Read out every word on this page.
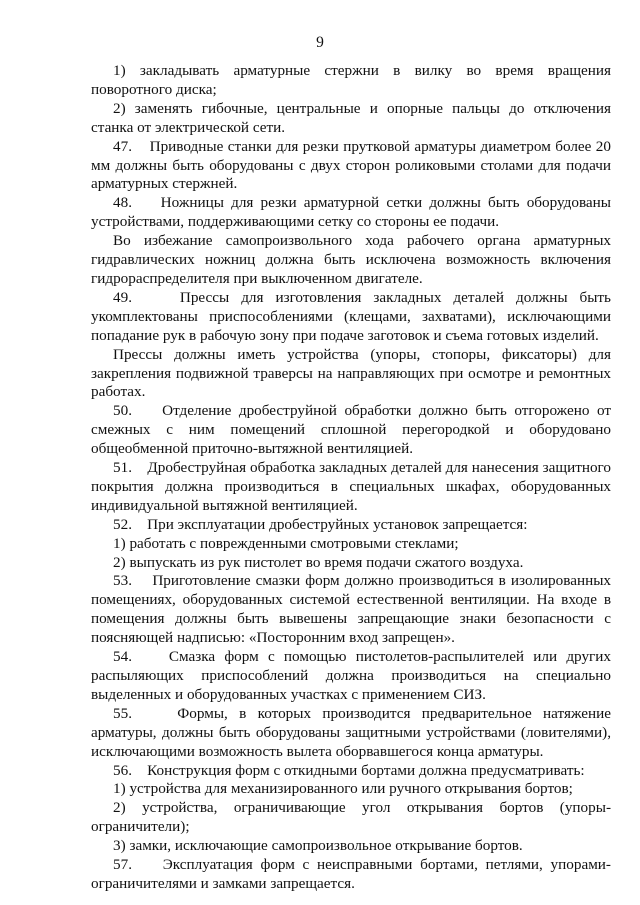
9

1) закладывать арматурные стержни в вилку во время вращения поворотного диска;

2) заменять гибочные, центральные и опорные пальцы до отключения станка от электрической сети.

47.    Приводные станки для резки прутковой арматуры диаметром более 20 мм должны быть оборудованы с двух сторон роликовыми столами для подачи арматурных стержней.

48.    Ножницы для резки арматурной сетки должны быть оборудованы устройствами, поддерживающими сетку со стороны ее подачи.

Во избежание самопроизвольного хода рабочего органа арматурных гидравлических ножниц должна быть исключена возможность включения гидрораспределителя при выключенном двигателе.

49.    Прессы для изготовления закладных деталей должны быть укомплектованы приспособлениями (клещами, захватами), исключающими попадание рук в рабочую зону при подаче заготовок и съема готовых изделий.

Прессы должны иметь устройства (упоры, стопоры, фиксаторы) для закрепления подвижной траверсы на направляющих при осмотре и ремонтных работах.

50.    Отделение дробеструйной обработки должно быть отгорожено от смежных с ним помещений сплошной перегородкой и оборудовано общеобменной приточно-вытяжной вентиляцией.

51.    Дробеструйная обработка закладных деталей для нанесения защитного покрытия должна производиться в специальных шкафах, оборудованных индивидуальной вытяжной вентиляцией.

52.    При эксплуатации дробеструйных установок запрещается:

1) работать с поврежденными смотровыми стеклами;

2) выпускать из рук пистолет во время подачи сжатого воздуха.

53.    Приготовление смазки форм должно производиться в изолированных помещениях, оборудованных системой естественной вентиляции. На входе в помещения должны быть вывешены запрещающие знаки безопасности с поясняющей надписью: «Посторонним вход запрещен».

54.    Смазка форм с помощью пистолетов-распылителей или других распыляющих приспособлений должна производиться на специально выделенных и оборудованных участках с применением СИЗ.

55.    Формы, в которых производится предварительное натяжение арматуры, должны быть оборудованы защитными устройствами (ловителями), исключающими возможность вылета оборвавшегося конца арматуры.

56.    Конструкция форм с откидными бортами должна предусматривать:

1) устройства для механизированного или ручного открывания бортов;

2) устройства, ограничивающие угол открывания бортов (упоры-ограничители);

3) замки, исключающие самопроизвольное открывание бортов.

57.    Эксплуатация форм с неисправными бортами, петлями, упорами-ограничителями и замками запрещается.
